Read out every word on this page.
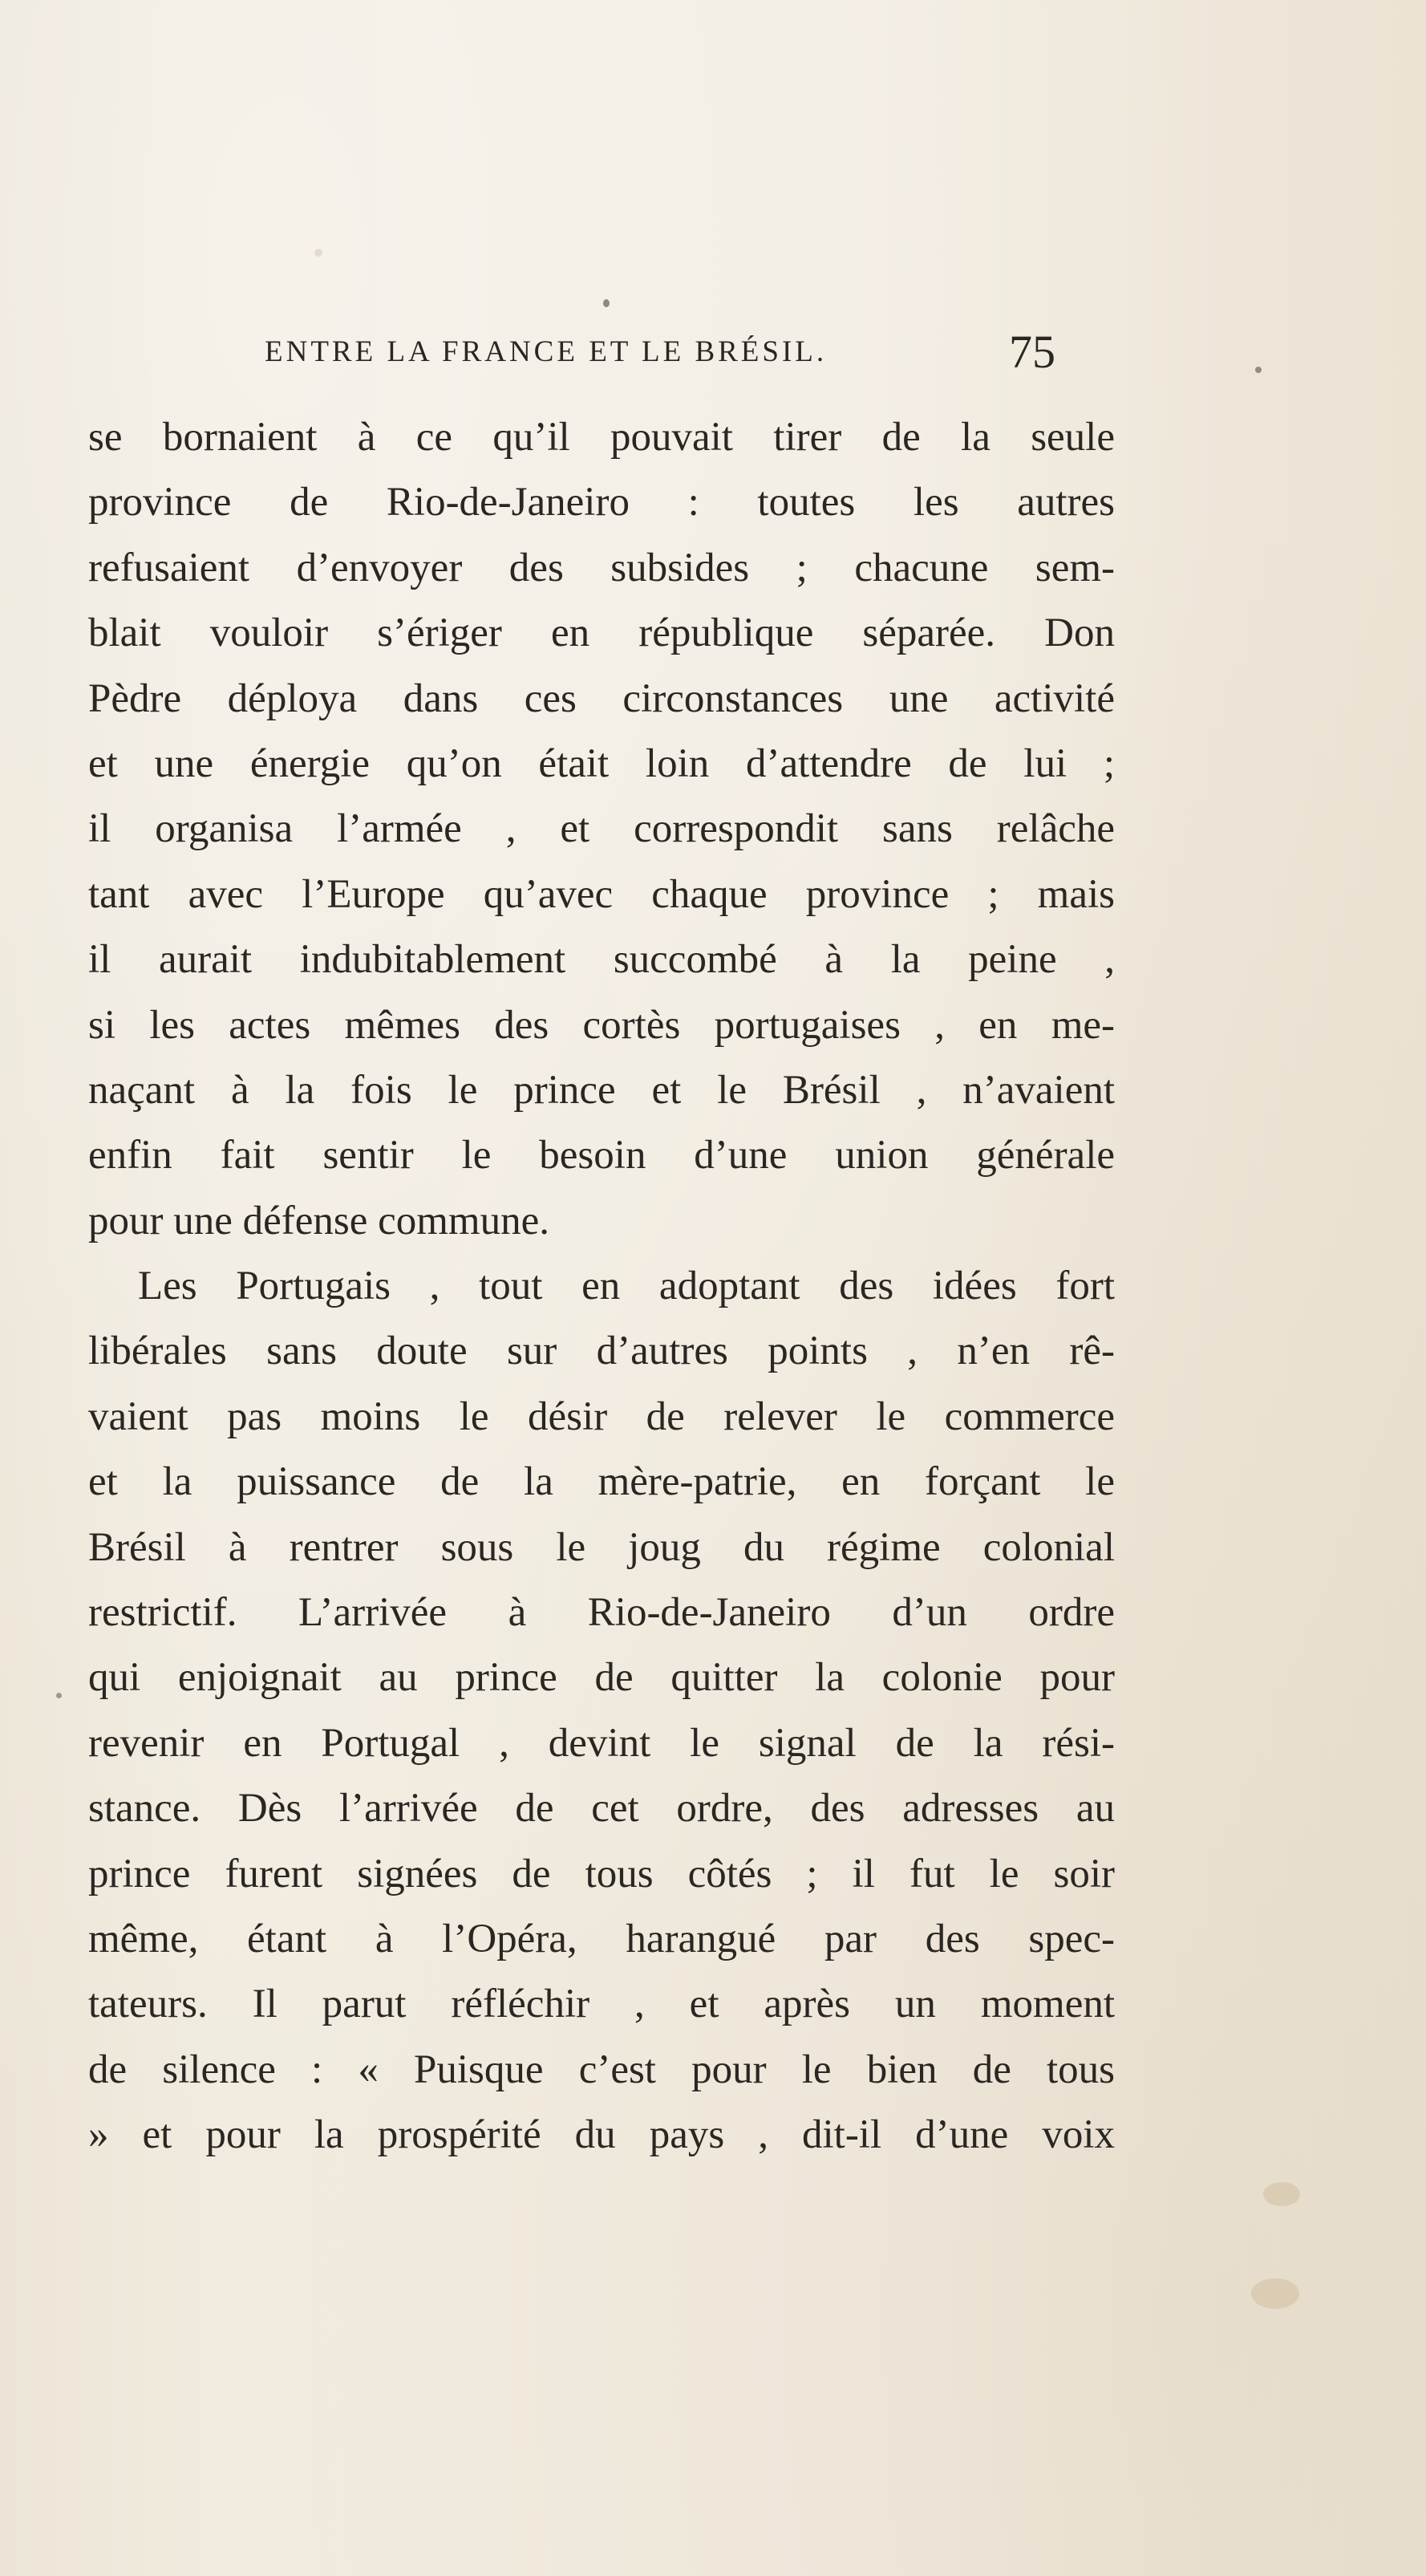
ENTRE LA FRANCE ET LE BRÉSIL.	75
se bornaient à ce qu’il pouvait tirer de la seule
province de Rio-de-Janeiro : toutes les autres
refusaient d’envoyer des subsides ; chacune sem-
blait vouloir s’ériger en république séparée. Don
Pèdre déploya dans ces circonstances une activité
et une énergie qu’on était loin d’attendre de lui ;
il organisa l’armée , et correspondit sans relâche
tant avec l’Europe qu’avec chaque province ; mais
il aurait indubitablement succombé à la peine ,
si les actes mêmes des cortès portugaises , en me-
naçant à la fois le prince et le Brésil , n’avaient
enfin fait sentir le besoin d’une union générale
pour une défense commune.
Les Portugais , tout en adoptant des idées fort
libérales sans doute sur d’autres points , n’en rê-
vaient pas moins le désir de relever le commerce
et la puissance de la mère-patrie, en forçant le
Brésil à rentrer sous le joug du régime colonial
restrictif. L’arrivée à Rio-de-Janeiro d’un ordre
qui enjoignait au prince de quitter la colonie pour
revenir en Portugal , devint le signal de la rési-
stance. Dès l’arrivée de cet ordre, des adresses au
prince furent signées de tous côtés ; il fut le soir
même, étant à l’Opéra, harangué par des spec-
tateurs. Il parut réfléchir , et après un moment
de silence : « Puisque c’est pour le bien de tous
» et pour la prospérité du pays , dit-il d’une voix
